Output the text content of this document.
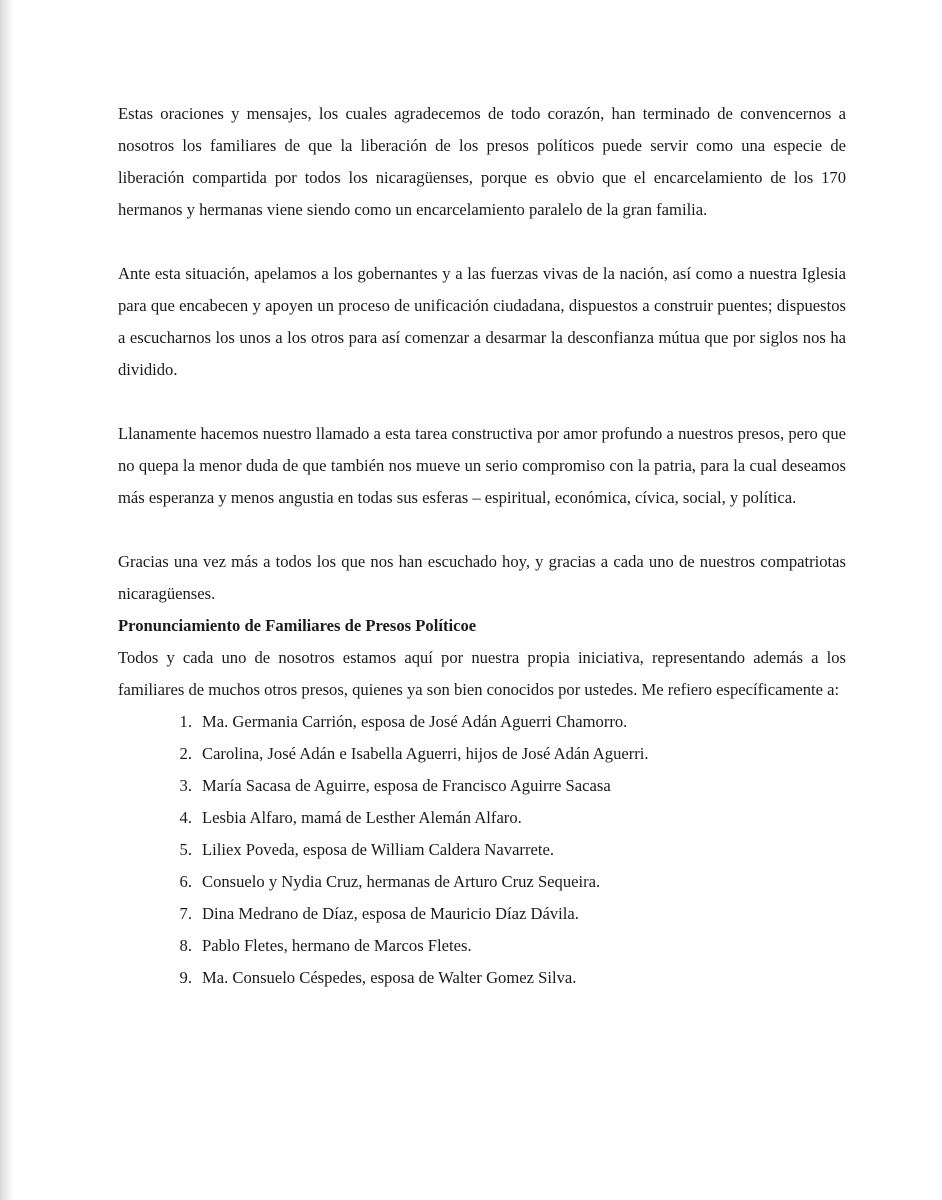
Estas oraciones y mensajes, los cuales agradecemos de todo corazón, han terminado de convencernos a nosotros los familiares de que la liberación de los presos políticos puede servir como una especie de liberación compartida por todos los nicaragüenses, porque es obvio que el encarcelamiento de los 170 hermanos y hermanas viene siendo como un encarcelamiento paralelo de la gran familia.

Ante esta situación, apelamos a los gobernantes y a las fuerzas vivas de la nación, así como a nuestra Iglesia para que encabecen y apoyen un proceso de unificación ciudadana, dispuestos a construir puentes; dispuestos a escucharnos los unos a los otros para así comenzar a desarmar la desconfianza mútua que por siglos nos ha dividido.

Llanamente hacemos nuestro llamado a esta tarea constructiva por amor profundo a nuestros presos, pero que no quepa la menor duda de que también nos mueve un serio compromiso con la patria, para la cual deseamos más esperanza y menos angustia en todas sus esferas – espiritual, económica, cívica, social, y política.

Gracias una vez más a todos los que nos han escuchado hoy, y gracias a cada uno de nuestros compatriotas nicaragüenses.

Pronunciamiento de Familiares de Presos Políticoe

Todos y cada uno de nosotros estamos aquí por nuestra propia iniciativa, representando además a los familiares de muchos otros presos, quienes ya son bien conocidos por ustedes. Me refiero específicamente a:

1. Ma. Germania Carrión, esposa de José Adán Aguerri Chamorro.
2. Carolina, José Adán e Isabella Aguerri, hijos de José Adán Aguerri.
3. María Sacasa de Aguirre, esposa de Francisco Aguirre Sacasa
4. Lesbia Alfaro, mamá de Lesther Alemán Alfaro.
5. Liliex Poveda, esposa de William Caldera Navarrete.
6. Consuelo y Nydia Cruz, hermanas de Arturo Cruz Sequeira.
7. Dina Medrano de Díaz, esposa de Mauricio Díaz Dávila.
8. Pablo Fletes, hermano de Marcos Fletes.
9. Ma. Consuelo Céspedes, esposa de Walter Gomez Silva.
